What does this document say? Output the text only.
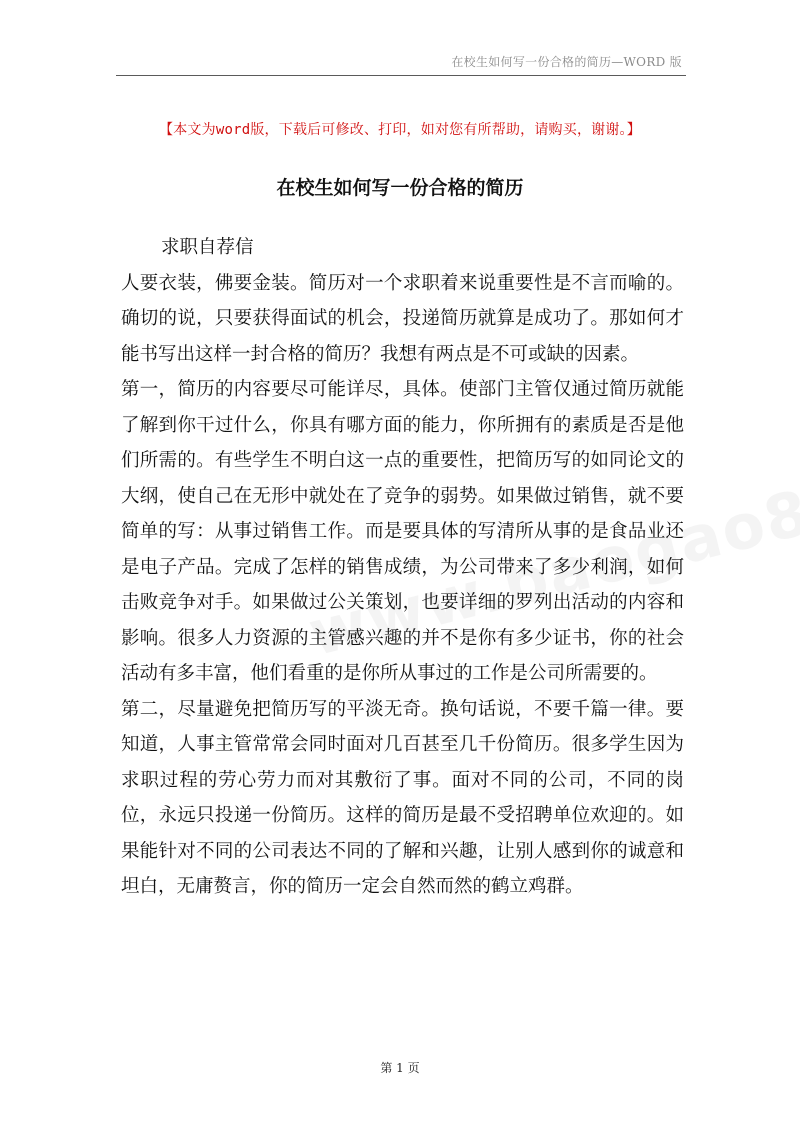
在校生如何写一份合格的简历—WORD 版
【本文为word版，下载后可修改、打印，如对您有所帮助，请购买，谢谢。】
在校生如何写一份合格的简历

求职自荐信

人要衣装，佛要金装。简历对一个求职着来说重要性是不言而喻的。确切的说，只要获得面试的机会，投递简历就算是成功了。那如何才能书写出这样一封合格的简历？我想有两点是不可或缺的因素。

第一，简历的内容要尽可能详尽，具体。使部门主管仅通过简历就能了解到你干过什么，你具有哪方面的能力，你所拥有的素质是否是他们所需的。有些学生不明白这一点的重要性，把简历写的如同论文的大纲，使自己在无形中就处在了竞争的弱势。如果做过销售，就不要简单的写：从事过销售工作。而是要具体的写清所从事的是食品业还是电子产品。完成了怎样的销售成绩，为公司带来了多少利润，如何击败竞争对手。如果做过公关策划，也要详细的罗列出活动的内容和影响。很多人力资源的主管感兴趣的并不是你有多少证书，你的社会活动有多丰富，他们看重的是你所从事过的工作是公司所需要的。

第二，尽量避免把简历写的平淡无奇。换句话说，不要千篇一律。要知道，人事主管常常会同时面对几百甚至几千份简历。很多学生因为求职过程的劳心劳力而对其敷衍了事。面对不同的公司，不同的岗位，永远只投递一份简历。这样的简历是最不受招聘单位欢迎的。如果能针对不同的公司表达不同的了解和兴趣，让别人感到你的诚意和坦白，无庸赘言，你的简历一定会自然而然的鹤立鸡群。

第 1 页
